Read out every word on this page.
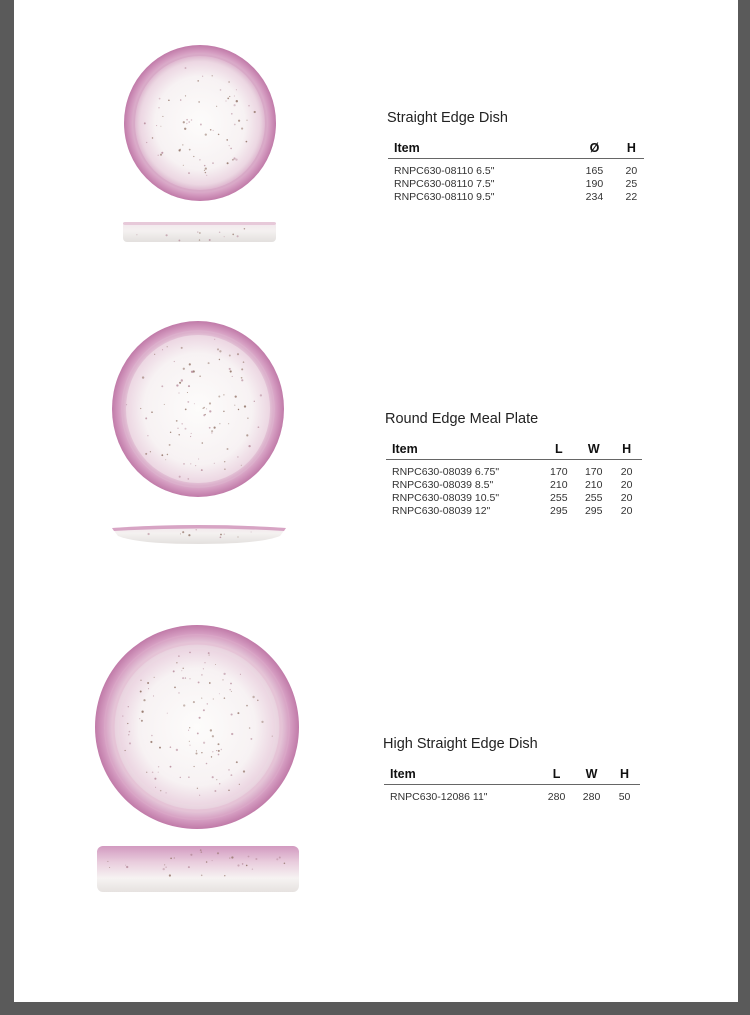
Straight Edge Dish
Item	Ø	H
RNPC630-08110 6.5"	165	20
RNPC630-08110 7.5"	190	25
RNPC630-08110 9.5"	234	22
Round Edge Meal Plate
Item	L	W	H
RNPC630-08039 6.75"	170	170	20
RNPC630-08039 8.5"	210	210	20
RNPC630-08039 10.5"	255	255	20
RNPC630-08039 12"	295	295	20
High Straight Edge Dish
Item	L	W	H
RNPC630-12086 11"	280	280	50
